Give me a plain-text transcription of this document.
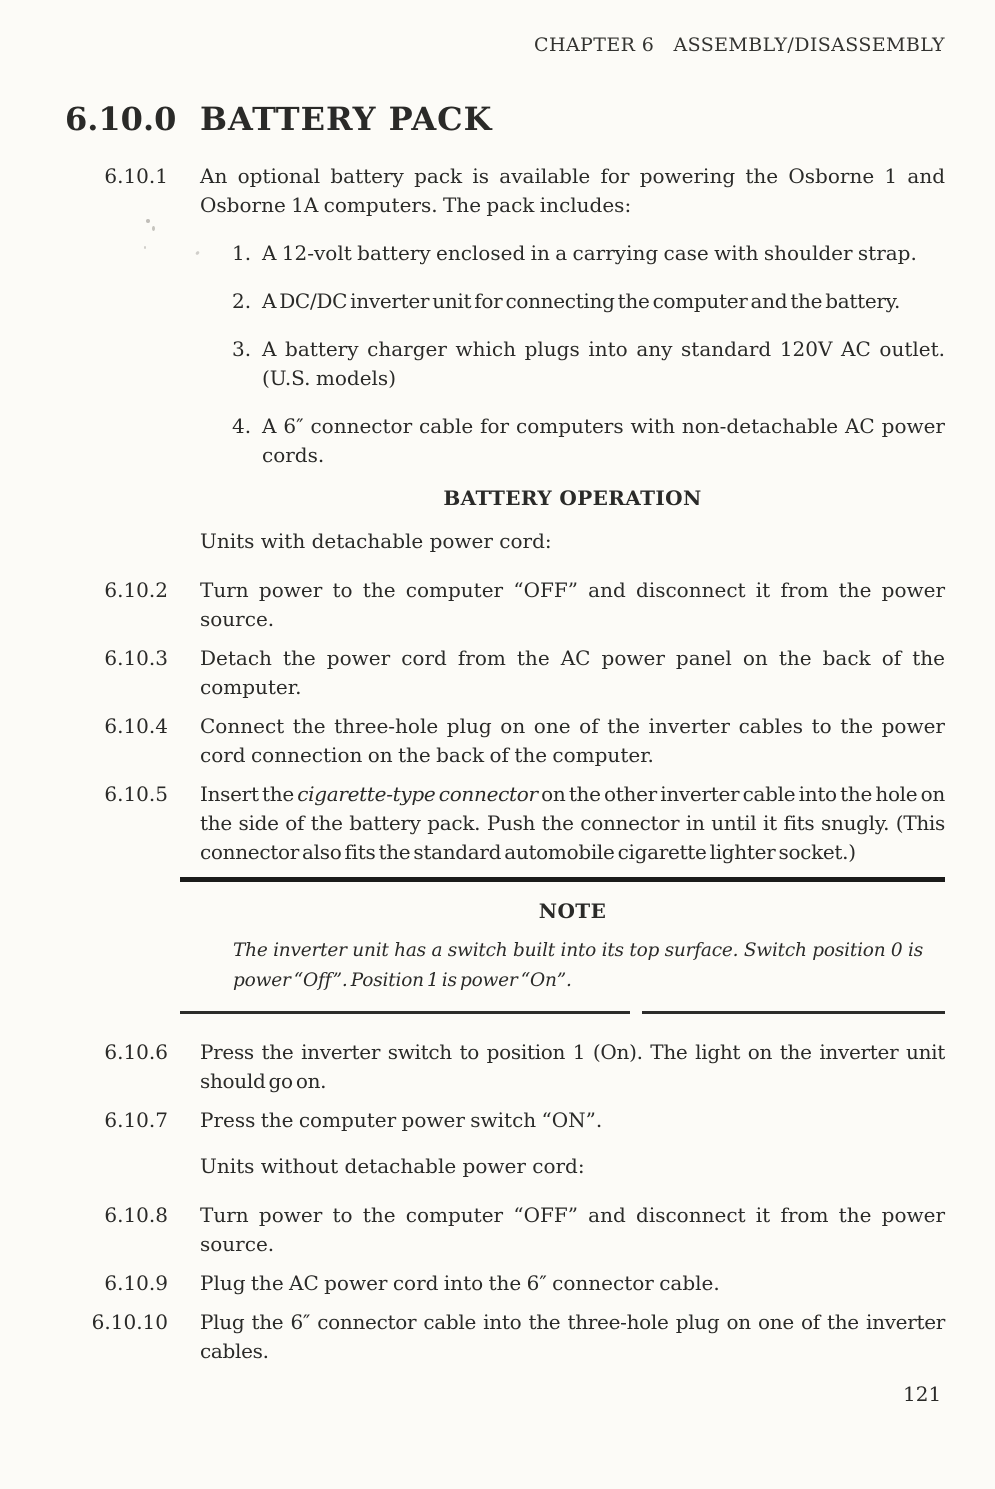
CHAPTER 6   ASSEMBLY/DISASSEMBLY
6.10.0 BATTERY PACK
6.10.1 An optional battery pack is available for powering the Osborne 1 and Osborne 1A computers. The pack includes:
1. A 12-volt battery enclosed in a carrying case with shoulder strap.
2. A DC/DC inverter unit for connecting the computer and the battery.
3. A battery charger which plugs into any standard 120V AC outlet. (U.S. models)
4. A 6″ connector cable for computers with non-detachable AC power cords.
BATTERY OPERATION
Units with detachable power cord:
6.10.2 Turn power to the computer “OFF” and disconnect it from the power source.
6.10.3 Detach the power cord from the AC power panel on the back of the computer.
6.10.4 Connect the three-hole plug on one of the inverter cables to the power cord connection on the back of the computer.
6.10.5 Insert the cigarette-type connector on the other inverter cable into the hole on the side of the battery pack. Push the connector in until it fits snugly. (This connector also fits the standard automobile cigarette lighter socket.)
NOTE
The inverter unit has a switch built into its top surface. Switch position 0 is power “Off”. Position 1 is power “On”.
6.10.6 Press the inverter switch to position 1 (On). The light on the inverter unit should go on.
6.10.7 Press the computer power switch “ON”.
Units without detachable power cord:
6.10.8 Turn power to the computer “OFF” and disconnect it from the power source.
6.10.9 Plug the AC power cord into the 6″ connector cable.
6.10.10 Plug the 6″ connector cable into the three-hole plug on one of the inverter cables.
121
